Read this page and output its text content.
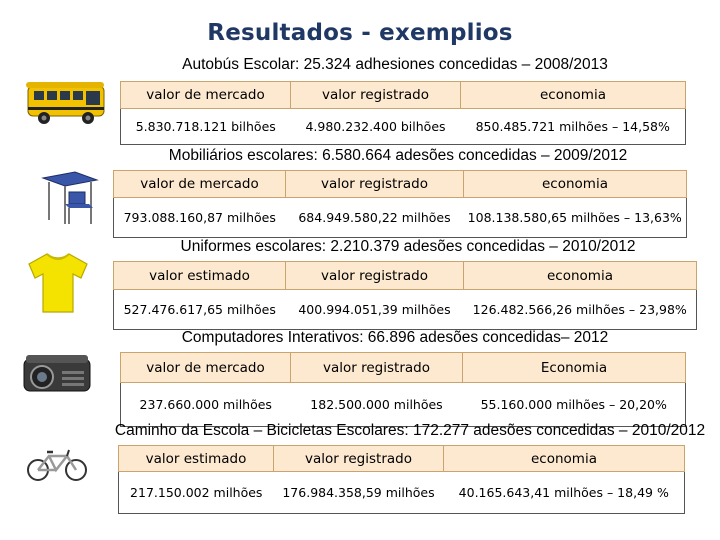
Resultados - exemplios
Autobús Escolar: 25.324 adhesiones concedidas – 2008/2013
valor de mercado	valor registrado	economia
5.830.718.121 bilhões	4.980.232.400 bilhões	850.485.721 milhões – 14,58%
Mobiliários escolares: 6.580.664 adesões concedidas – 2009/2012
valor de mercado	valor registrado	economia
793.088.160,87 milhões	684.949.580,22 milhões	108.138.580,65 milhões – 13,63%
Uniformes escolares: 2.210.379 adesões concedidas – 2010/2012
valor estimado	valor registrado	economia
527.476.617,65 milhões	400.994.051,39 milhões	126.482.566,26 milhões – 23,98%
Computadores Interativos: 66.896 adesões concedidas– 2012
valor de mercado	valor registrado	Economia
237.660.000 milhões	182.500.000 milhões	55.160.000 milhões – 20,20%
Caminho da Escola – Bicicletas Escolares: 172.277 adesões concedidas – 2010/2012
valor estimado	valor registrado	economia
217.150.002 milhões	176.984.358,59 milhões	40.165.643,41 milhões – 18,49 %
